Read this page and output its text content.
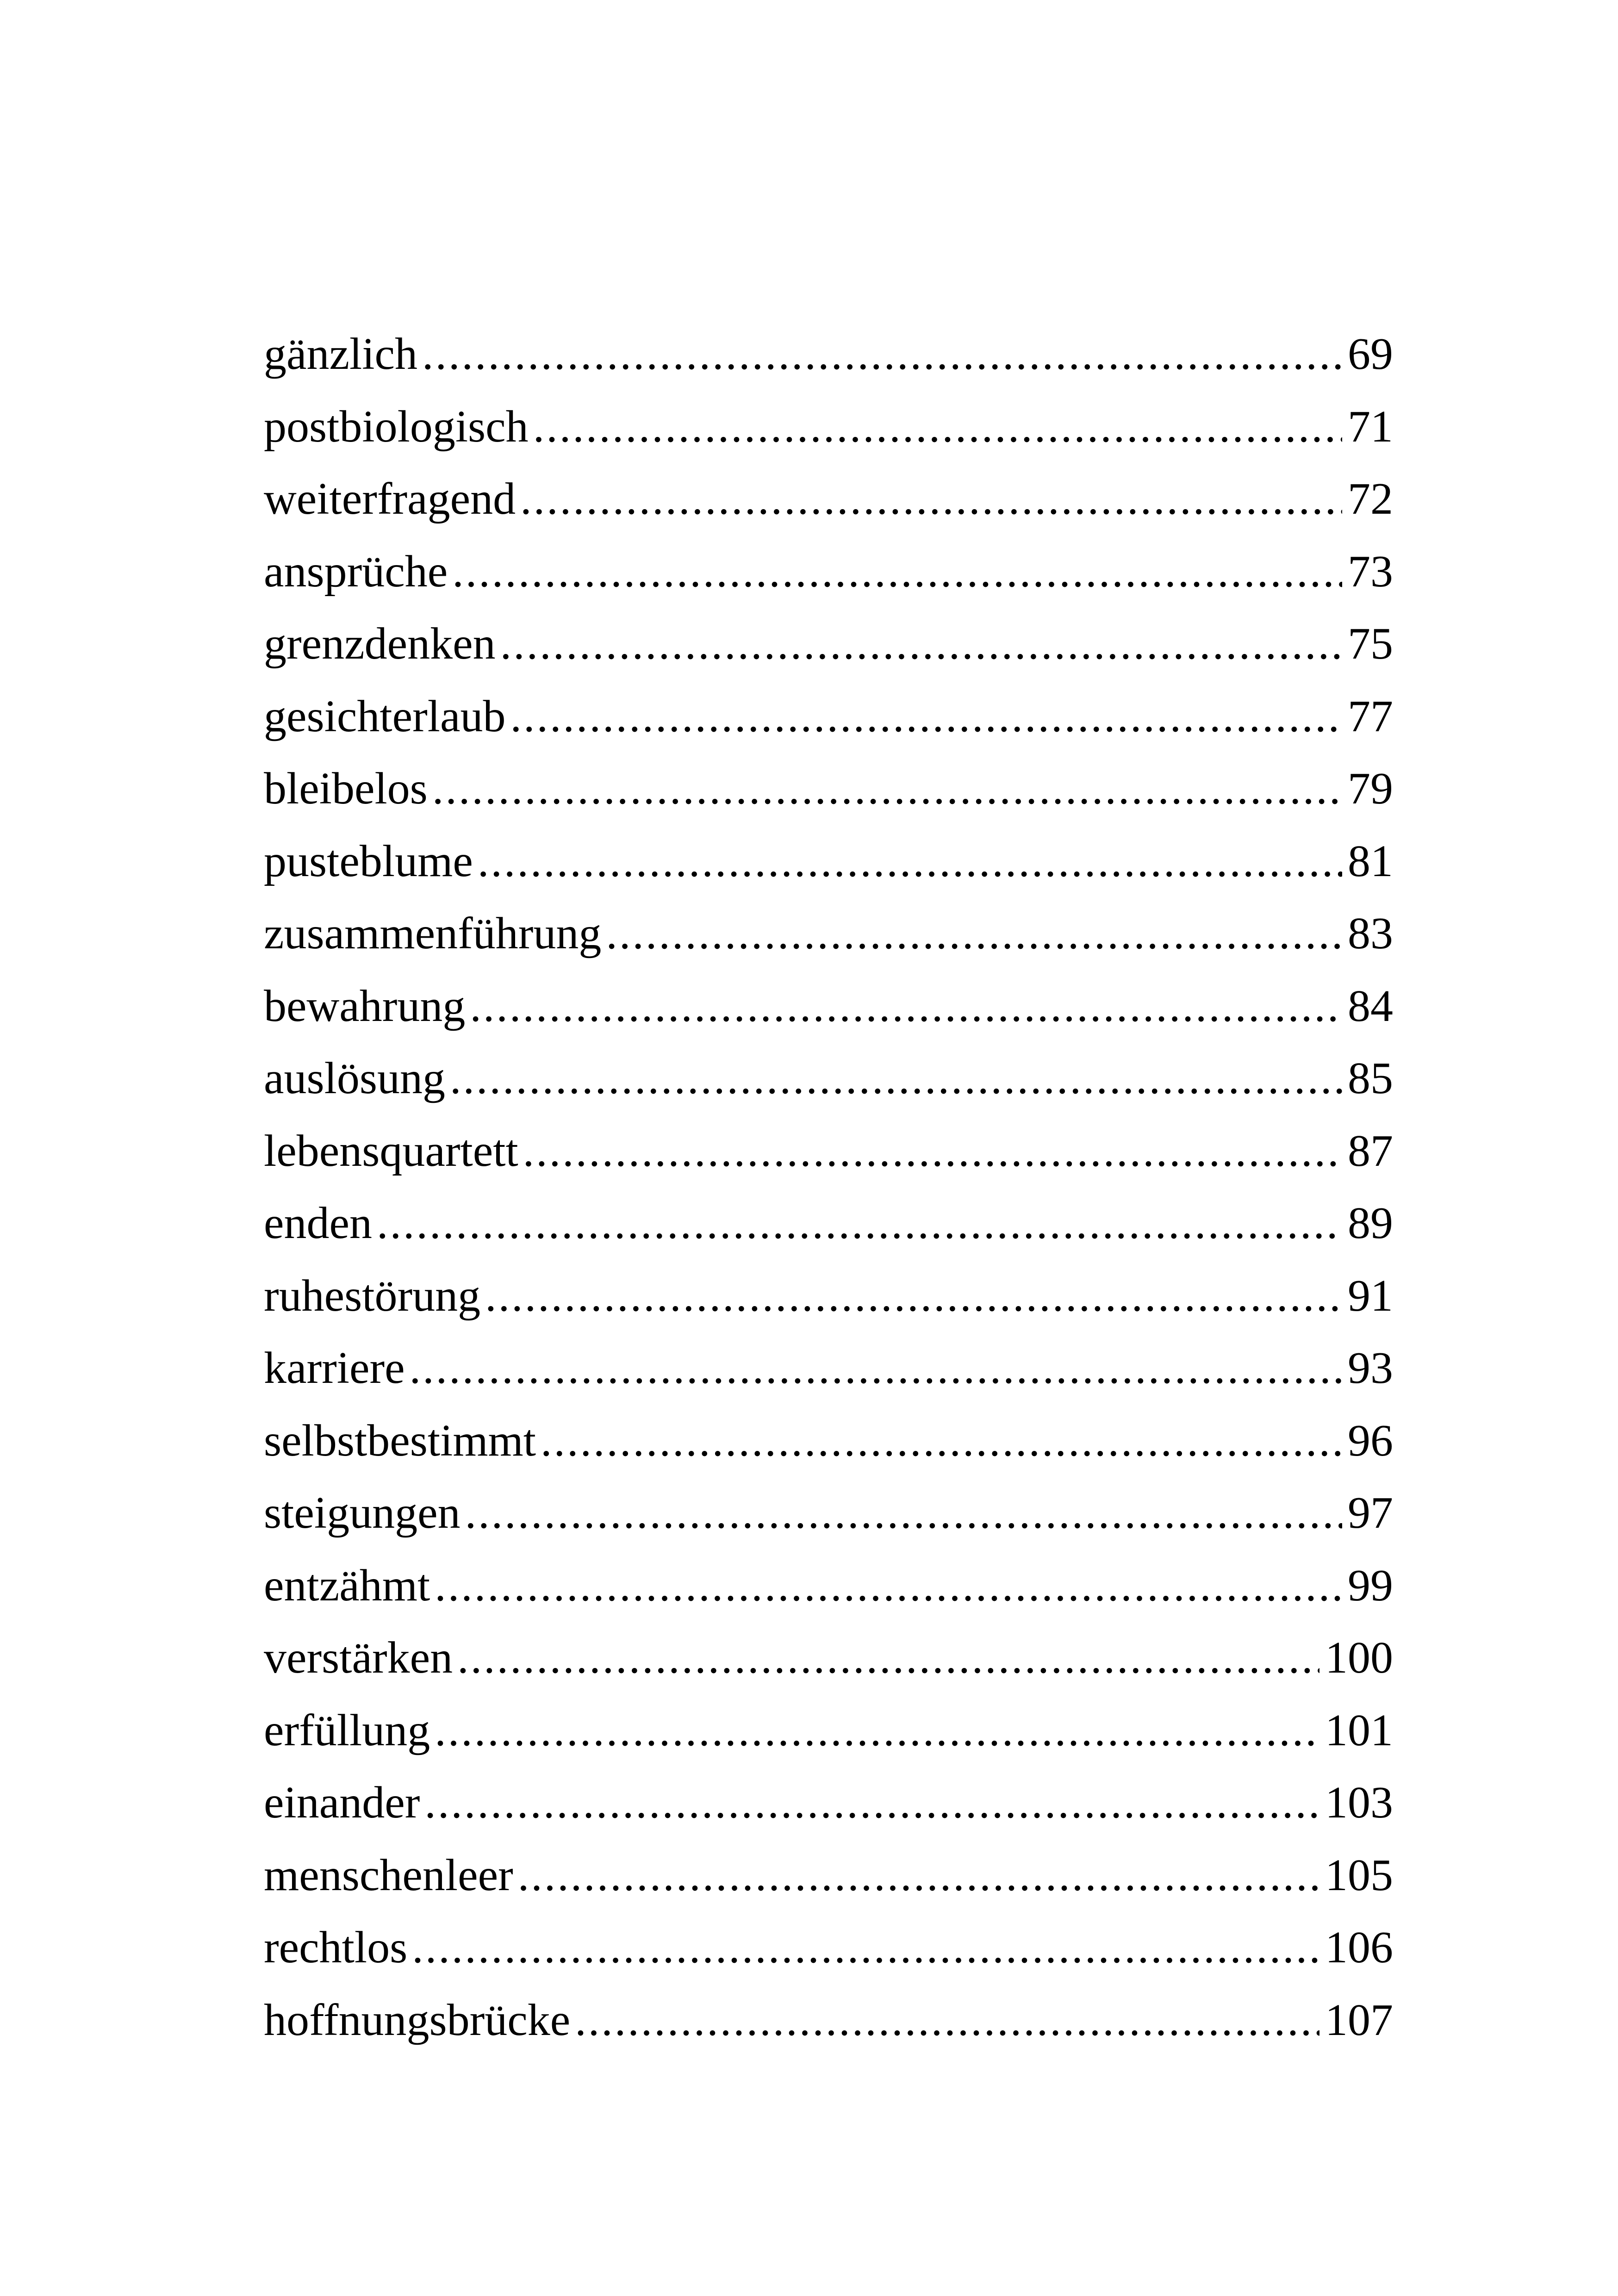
gänzlich .....	69
postbiologisch .....	71
weiterfragend .....	72
ansprüche .....	73
grenzdenken .....	75
gesichterlaub .....	77
bleibelos .....	79
pusteblume .....	81
zusammenführung .....	83
bewahrung .....	84
auslösung .....	85
lebensquartett .....	87
enden .....	89
ruhestörung .....	91
karriere .....	93
selbstbestimmt .....	96
steigungen .....	97
entzähmt .....	99
verstärken .....	100
erfüllung .....	101
einander .....	103
menschenleer .....	105
rechtlos .....	106
hoffnungsbrücke .....	107
